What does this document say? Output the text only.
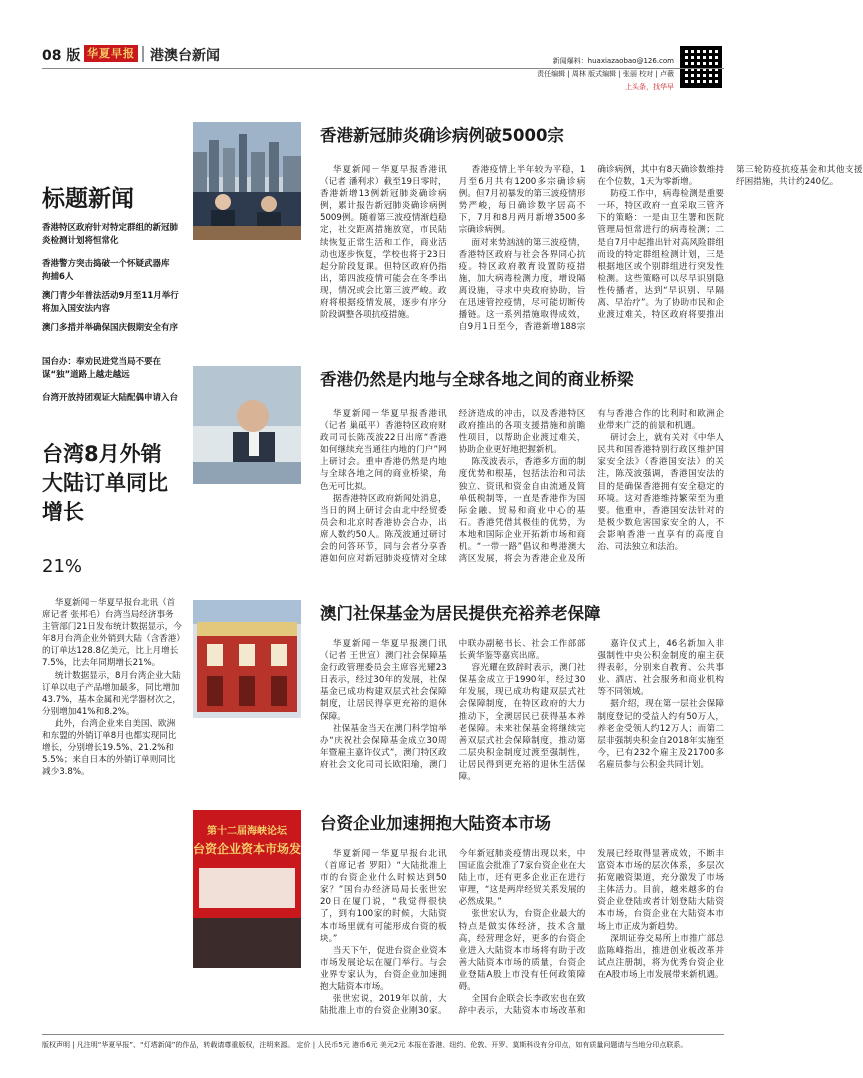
08 版 华夏早报 港澳台新闻	新闻爆料：huaxiazaobao@126.com
责任编辑 | 周林 版式编辑 | 张丽 校对 | 卢薇
上头条，找华早
标题新闻
香港特区政府针对特定群组的新冠肺炎检测计划将恒常化
香港警方突击捣破一个怀疑武器库 拘捕6人
澳门青少年普法活动9月至11月举行 将加入国安法内容
澳门多措并举确保国庆假期安全有序
国台办：奉劝民进党当局不要在谋“独”道路上越走越远
台湾开放持团观证大陆配偶申请入台
台湾8月外销大陆订单同比增长
21%

华夏新闻－华夏早报台北讯（首席记者 张邦毛）台湾当局经济事务主管部门21日发布统计数据显示，今年8月台湾企业外销到大陆（含香港）的订单达128.8亿美元，比上月增长7.5%，比去年同期增长21%。

统计数据显示，8月台湾企业大陆订单以电子产品增加最多，同比增加43.7%，基本金属和光学器材次之，分别增加41%和8.2%。

此外，台湾企业来自美国、欧洲和东盟的外销订单8月也都实现同比增长，分别增长19.5%、21.2%和5.5%；来自日本的外销订单则同比减少3.8%。

香港新冠肺炎确诊病例破5000宗

华夏新闻－华夏早报香港讯（记者 潘利求）截至19日零时，香港新增13例新冠肺炎确诊病例，累计报告新冠肺炎确诊病例5009例。随着第三波疫情渐趋稳定，社交距离措施放宽，市民陆续恢复正常生活和工作，商业活动也逐步恢复，学校也将于23日起分阶段复课。但特区政府仍指出，第四波疫情可能会在冬季出现，情况或会比第三波严峻。政府将根据疫情发展，逐步有序分阶段调整各项抗疫措施。

香港疫情上半年较为平稳，1月至6月共有1200多宗确诊病例。但7月初暴发的第三波疫情形势严峻，每日确诊数字居高不下，7月和8月两月新增3500多宗确诊病例。

面对来势汹汹的第三波疫情，香港特区政府与社会各界同心抗疫。特区政府教育设置防疫措施，加大病毒检测力度，增设隔离设施，寻求中央政府协助，旨在迅速管控疫情，尽可能切断传播链。这一系列措施取得成效，自9月1日至今，香港新增188宗确诊病例，其中有8天确诊数维持在个位数，1天为零新增。

防疫工作中，病毒检测是重要一环，特区政府一直采取三管齐下的策略：一是由卫生署和医院管理局恒常进行的病毒检测；二是自7月中起推出针对高风险群组而设的特定群组检测计划，三是根据地区或个别群组进行突发性检测。这些策略可以尽早识别隐性传播者，达到“早识别、早隔离、早治疗”。为了协助市民和企业渡过难关，特区政府将要推出第三轮防疫抗疫基金和其他支援纾困措施，共计约240亿。

香港仍然是内地与全球各地之间的商业桥梁

华夏新闻－华夏早报香港讯（记者 巢砥平）香港特区政府财政司司长陈茂波22日出席“香港如何继续充当通往内地的门户”网上研讨会。重申香港仍然是内地与全球各地之间的商业桥梁，角色无可比拟。

据香港特区政府新闻处消息，当日的网上研讨会由北中经贸委员会和北京时香港协会合办，出席人数约50人。陈茂波通过研讨会的问答环节，同与会者分享香港如何应对新冠肺炎疫情对全球经济造成的冲击，以及香港特区政府推出的各项支援措施和前瞻性项目，以帮助企业渡过难关，协助企业更好地把握新机。

陈茂波表示，香港多方面的制度优势和根基，包括法治和司法独立、资讯和资金自由流通及简单低税制等，一直是香港作为国际金融、贸易和商业中心的基石。香港凭借其极佳的优势，为本地和国际企业开拓新市场和商机。“一带一路”倡议和粤港澳大湾区发展，将会为香港企业及所有与香港合作的比利时和欧洲企业带来广泛的前景和机遇。

研讨会上，就有关对《中华人民共和国香港特别行政区维护国家安全法》（香港国安法）的关注，陈茂波强调，香港国安法的目的是确保香港拥有安全稳定的环境。这对香港维持繁荣至为重要。他重申，香港国安法针对的是极少数危害国家安全的人，不会影响香港一直享有的高度自治、司法独立和法治。

澳门社保基金为居民提供充裕养老保障

华夏新闻－华夏早报澳门讯（记者 王世宣）澳门社会保障基金行政管理委员会主席容光耀23日表示，经过30年的发展，社保基金已成功构建双层式社会保障制度，让居民得享更充裕的退休保障。

社保基金当天在澳门科学馆举办“庆祝社会保障基金成立30周年暨雇主嘉许仪式”，澳门特区政府社会文化司司长欧阳瑜，澳门中联办副秘书长、社会工作部部长黄华鉴等嘉宾出席。

容光耀在致辞时表示，澳门社保基金成立于1990年，经过30年发展，现已成功构建双层式社会保障制度，在特区政府的大力推动下，全澳居民已获得基本养老保障。未来社保基金将继续完善双层式社会保障制度，推动第二层央积金制度过渡至强制性，让居民得到更充裕的退休生活保障。

嘉许仪式上，46名新加入非强制性中央公积金制度的雇主获得表彰，分别来自教育、公共事业、酒店、社会服务和商业机构等不同领域。

据介绍，现在第一层社会保障制度登记的受益人约有50万人，养老金受领人约12万人；而第二层非强制央积金自2018年实施至今，已有232个雇主及21700多名雇员参与公积金共同计划。

第十二届海峡论坛
台资企业资本市场发
台资企业加速拥抱大陆资本市场

华夏新闻－华夏早报台北讯（首席记者 罗阳）“大陆批准上市的台资企业什么时候达到50家？”国台办经济局局长张世宏20日在厦门说，“我觉得很快了，到有100家的时候，大陆资本市场里就有可能形成台资的板块。”

当天下午，促进台资企业资本市场发展论坛在厦门举行。与会业界专家认为，台资企业加速拥抱大陆资本市场。

张世宏说，2019年以前，大陆批准上市的台资企业刚30家。今年新冠肺炎疫情出现以来，中国证监会批准了7家台资企业在大陆上市，还有更多企业正在进行审理，“这是两岸经贸关系发展的必然成果。”

张世宏认为，台资企业最大的特点是做实体经济，技术含量高，经营理念好，更多的台资企业进入大陆资本市场将有助于改善大陆资本市场的质量，台资企业登陆A股上市没有任何政策障碍。

全国台企联会长李政宏也在致辞中表示，大陆资本市场改革和发展已经取得显著成效，不断丰富资本市场的层次体系，多层次拓宽融资渠道，充分激发了市场主体活力。目前，越来越多的台资企业登陆或者计划登陆大陆资本市场，台资企业在大陆资本市场上市正成为新趋势。

深圳证券交易所上市推广部总监陈峰指出，推进创业板改革并试点注册制，将为优秀台资企业在A股市场上市发展带来新机遇。

版权声明 | 凡注明“华夏早报”、“灯塔新闻”的作品，转载请尊重版权，注明来源。 定价 | 人民币5元 港币6元 美元2元 本报在香港、纽约、伦敦、开罗、莫斯科设有分印点，如有质量问题请与当地分印点联系。
